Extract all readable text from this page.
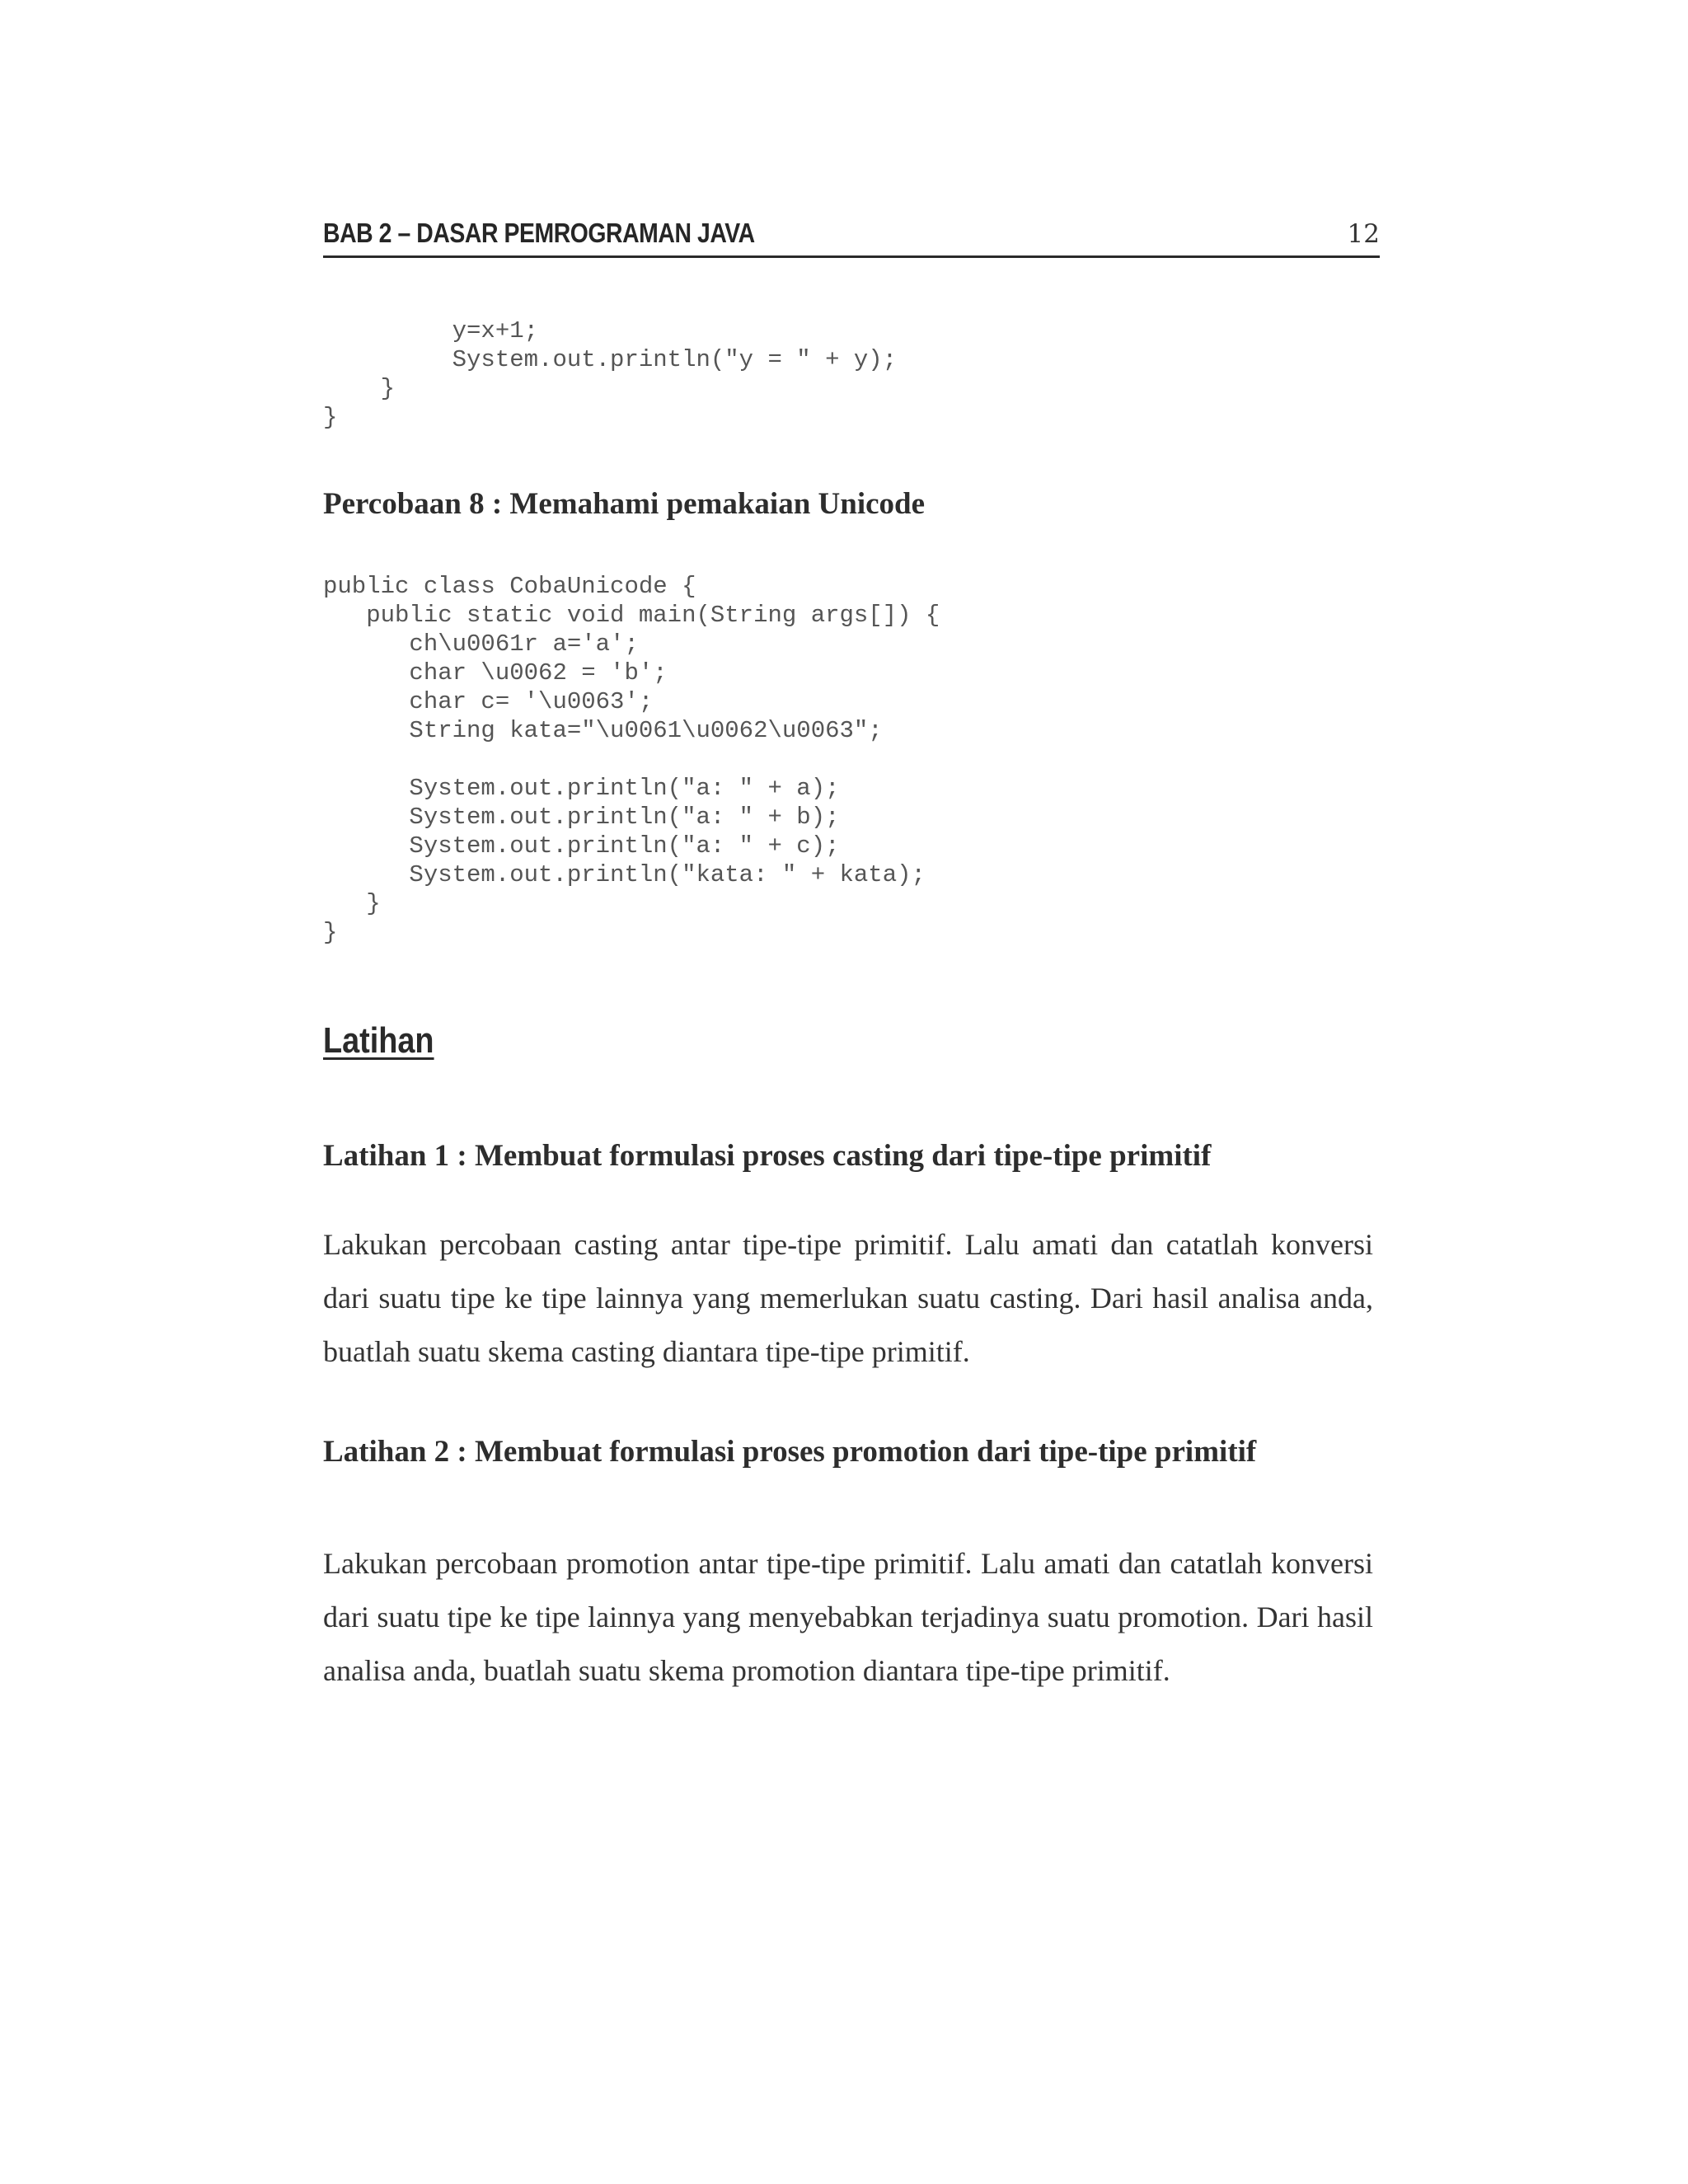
BAB 2 – DASAR PEMROGRAMAN JAVA	12
y=x+1;
System.out.println("y = " + y);
}
}
Percobaan 8 : Memahami pemakaian Unicode
public class CobaUnicode {
public static void main(String args[]) {
ch\u0061r a='a';
char \u0062 = 'b';
char c= '\u0063';
String kata="\u0061\u0062\u0063";

System.out.println("a: " + a);
System.out.println("a: " + b);
System.out.println("a: " + c);
System.out.println("kata: " + kata);
}
}
Latihan
Latihan 1 : Membuat formulasi proses casting dari tipe-tipe primitif

Lakukan percobaan casting antar tipe-tipe primitif. Lalu amati dan catatlah konversi dari suatu tipe ke tipe lainnya yang memerlukan suatu casting. Dari hasil analisa anda, buatlah suatu skema casting diantara tipe-tipe primitif.

Latihan 2 : Membuat formulasi proses promotion dari tipe-tipe primitif

Lakukan percobaan promotion antar tipe-tipe primitif. Lalu amati dan catatlah konversi dari suatu tipe ke tipe lainnya yang menyebabkan terjadinya suatu promotion. Dari hasil analisa anda, buatlah suatu skema promotion diantara tipe-tipe primitif.
